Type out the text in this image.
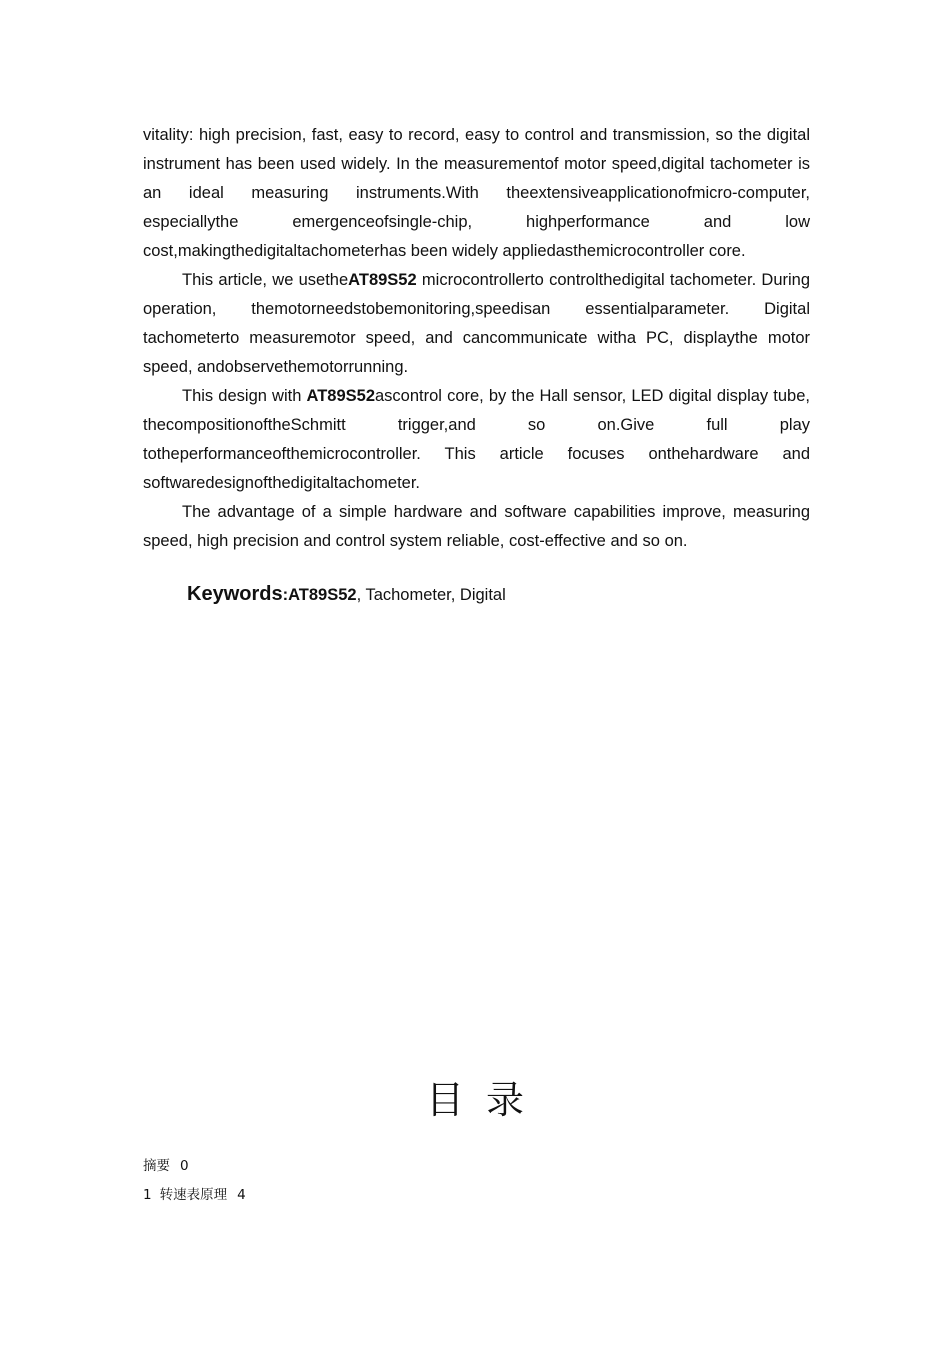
vitality: high precision, fast, easy to record, easy to control and transmission, so the digital instrument has been used widely. In the measurementof motor speed,digital tachometer is an ideal measuring instruments.With theextensiveapplicationofmicro-computer, especiallythe emergenceofsingle-chip, highperformance and low cost,makingthedigitaltachometerhas been widely appliedasthemicrocontroller core.

This article, we usetheAT89S52 microcontrollerto controlthedigital tachometer. During operation, themotorneedstobemonitoring,speedisan essentialparameter. Digital tachometerto measuremotor speed, and cancommunicate witha PC, displaythe motor speed, andobservethemotorrunning.

This design with AT89S52ascontrol core, by the Hall sensor, LED digital display tube, thecompositionoftheSchmitt trigger,and so on.Give full play totheperformanceofthemicrocontroller. This article focuses onthehardware and softwaredesignofthedigitaltachometer.

The advantage of a simple hardware and software capabilities improve, measuring speed, high precision and control system reliable, cost-effective and so on.

Keywords:AT89S52, Tachometer, Digital
目录
摘要 0
1 转速表原理 4
